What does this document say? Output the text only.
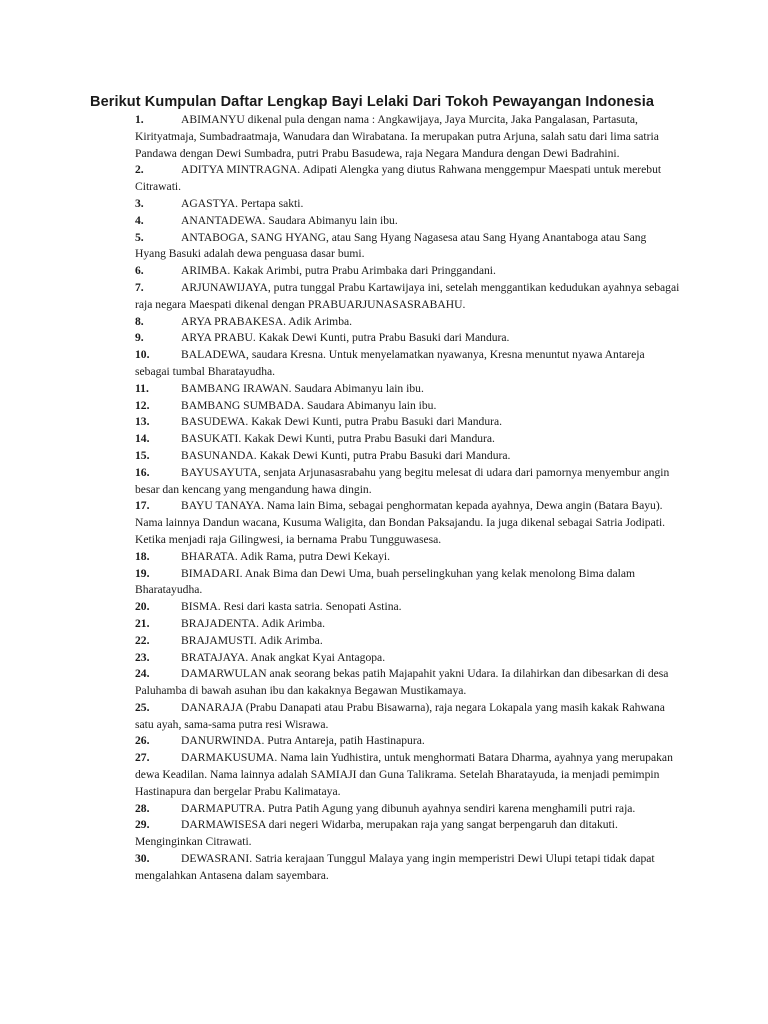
Berikut Kumpulan Daftar Lengkap Bayi Lelaki Dari Tokoh Pewayangan Indonesia
1.	ABIMANYU dikenal pula dengan nama : Angkawijaya, Jaya Murcita, Jaka Pangalasan, Partasuta, Kirityatmaja, Sumbadraatmaja, Wanudara dan Wirabatana. Ia merupakan putra Arjuna, salah satu dari lima satria Pandawa dengan Dewi Sumbadra, putri Prabu Basudewa, raja Negara Mandura dengan Dewi Badrahini.
2.	ADITYA MINTRAGNA. Adipati Alengka yang diutus Rahwana menggempur Maespati untuk merebut Citrawati.
3.	AGASTYA. Pertapa sakti.
4.	ANANTADEWA. Saudara Abimanyu lain ibu.
5.	ANTABOGA, SANG HYANG, atau Sang Hyang Nagasesa atau Sang Hyang Anantaboga atau Sang Hyang Basuki adalah dewa penguasa dasar bumi.
6.	ARIMBA. Kakak Arimbi, putra Prabu Arimbaka dari Pringgandani.
7.	ARJUNAWIJAYA, putra tunggal Prabu Kartawijaya ini, setelah menggantikan kedudukan ayahnya sebagai raja negara Maespati dikenal dengan PRABUARJUNASASRABAHU.
8.	ARYA PRABAKESA. Adik Arimba.
9.	ARYA PRABU. Kakak Dewi Kunti, putra Prabu Basuki dari Mandura.
10.	BALADEWA, saudara Kresna. Untuk menyelamatkan nyawanya, Kresna menuntut nyawa Antareja sebagai tumbal Bharatayudha.
11.	BAMBANG IRAWAN. Saudara Abimanyu lain ibu.
12.	BAMBANG SUMBADA. Saudara Abimanyu lain ibu.
13.	BASUDEWA. Kakak Dewi Kunti, putra Prabu Basuki dari Mandura.
14.	BASUKATI. Kakak Dewi Kunti, putra Prabu Basuki dari Mandura.
15.	BASUNANDA. Kakak Dewi Kunti, putra Prabu Basuki dari Mandura.
16.	BAYUSAYUTA, senjata Arjunasasrabahu yang begitu melesat di udara dari pamornya menyembur angin besar dan kencang yang mengandung hawa dingin.
17.	BAYU TANAYA. Nama lain Bima, sebagai penghormatan kepada ayahnya, Dewa angin (Batara Bayu). Nama lainnya Dandun wacana, Kusuma Waligita, dan Bondan Paksajandu. Ia juga dikenal sebagai Satria Jodipati. Ketika menjadi raja Gilingwesi, ia bernama Prabu Tungguwasesa.
18.	BHARATA. Adik Rama, putra Dewi Kekayi.
19.	BIMADARI. Anak Bima dan Dewi Uma, buah perselingkuhan yang kelak menolong Bima dalam Bharatayudha.
20.	BISMA. Resi dari kasta satria. Senopati Astina.
21.	BRAJADENTA. Adik Arimba.
22.	BRAJAMUSTI. Adik Arimba.
23.	BRATAJAYA. Anak angkat Kyai Antagopa.
24.	DAMARWULAN anak seorang bekas patih Majapahit yakni Udara. Ia dilahirkan dan dibesarkan di desa Paluhamba di bawah asuhan ibu dan kakaknya Begawan Mustikamaya.
25.	DANARAJA (Prabu Danapati atau Prabu Bisawarna), raja negara Lokapala yang masih kakak Rahwana satu ayah, sama-sama putra resi Wisrawa.
26.	DANURWINDA. Putra Antareja, patih Hastinapura.
27.	DARMAKUSUMA. Nama lain Yudhistira, untuk menghormati Batara Dharma, ayahnya yang merupakan dewa Keadilan. Nama lainnya adalah SAMIAJI dan Guna Talikrama. Setelah Bharatayuda, ia menjadi pemimpin Hastinapura dan bergelar Prabu Kalimataya.
28.	DARMAPUTRA. Putra Patih Agung yang dibunuh ayahnya sendiri karena menghamili putri raja.
29.	DARMAWISESA dari negeri Widarba, merupakan raja yang sangat berpengaruh dan ditakuti. Menginginkan Citrawati.
30.	DEWASRANI. Satria kerajaan Tunggul Malaya yang ingin memperistri Dewi Ulupi tetapi tidak dapat mengalahkan Antasena dalam sayembara.
